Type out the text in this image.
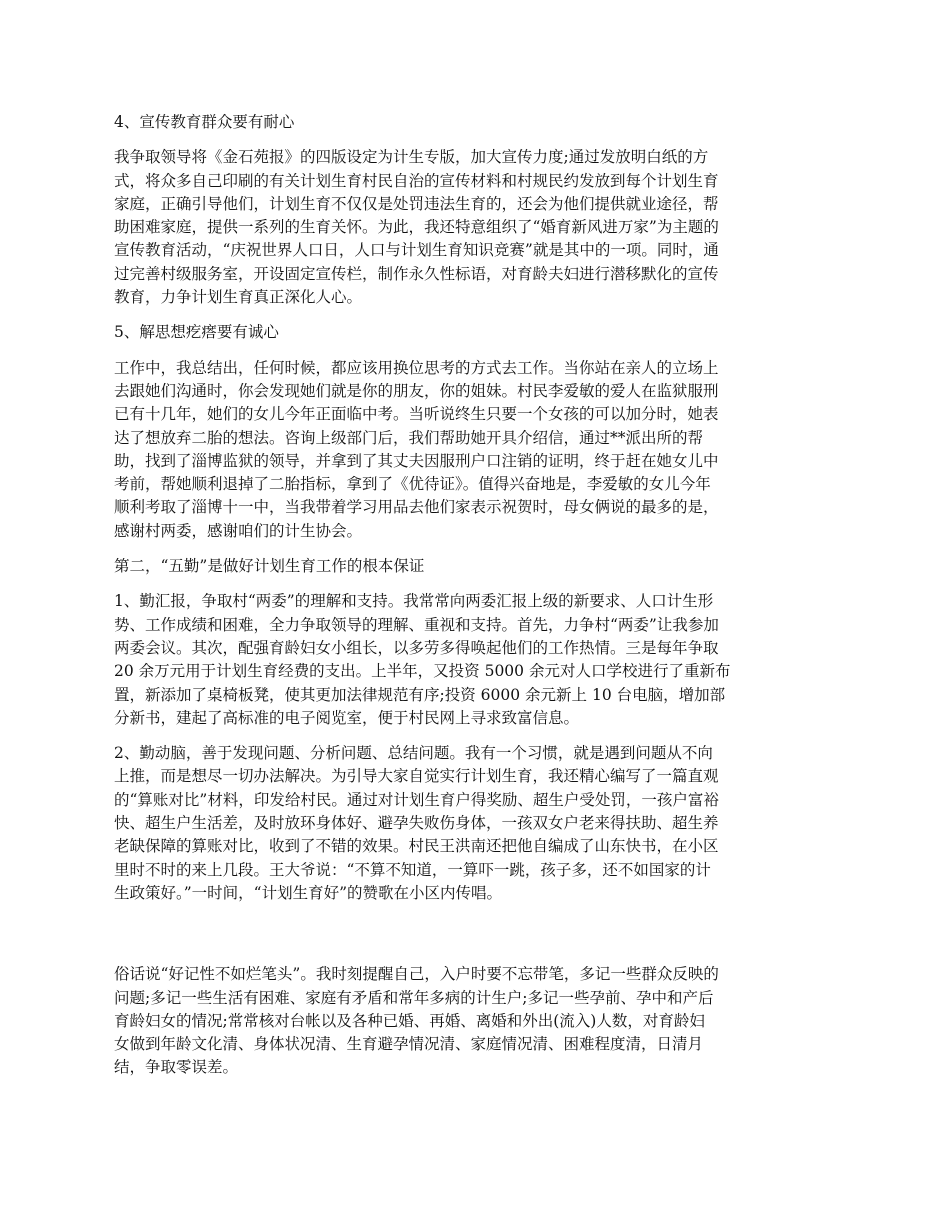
4、宣传教育群众要有耐心

我争取领导将《金石苑报》的四版设定为计生专版，加大宣传力度;通过发放明白纸的方
式，将众多自己印刷的有关计划生育村民自治的宣传材料和村规民约发放到每个计划生育
家庭，正确引导他们，计划生育不仅仅是处罚违法生育的，还会为他们提供就业途径，帮
助困难家庭，提供一系列的生育关怀。为此，我还特意组织了“婚育新风进万家”为主题的
宣传教育活动，“庆祝世界人口日，人口与计划生育知识竞赛”就是其中的一项。同时，通
过完善村级服务室，开设固定宣传栏，制作永久性标语，对育龄夫妇进行潜移默化的宣传
教育，力争计划生育真正深化人心。

5、解思想疙瘩要有诚心

工作中，我总结出，任何时候，都应该用换位思考的方式去工作。当你站在亲人的立场上
去跟她们沟通时，你会发现她们就是你的朋友，你的姐妹。村民李爱敏的爱人在监狱服刑
已有十几年，她们的女儿今年正面临中考。当听说终生只要一个女孩的可以加分时，她表
达了想放弃二胎的想法。咨询上级部门后，我们帮助她开具介绍信，通过**派出所的帮
助，找到了淄博监狱的领导，并拿到了其丈夫因服刑户口注销的证明，终于赶在她女儿中
考前，帮她顺利退掉了二胎指标，拿到了《优待证》。值得兴奋地是，李爱敏的女儿今年
顺利考取了淄博十一中，当我带着学习用品去他们家表示祝贺时，母女俩说的最多的是，
感谢村两委，感谢咱们的计生协会。

第二，“五勤”是做好计划生育工作的根本保证

1、勤汇报，争取村“两委”的理解和支持。我常常向两委汇报上级的新要求、人口计生形
势、工作成绩和困难，全力争取领导的理解、重视和支持。首先，力争村“两委”让我参加
两委会议。其次，配强育龄妇女小组长，以多劳多得唤起他们的工作热情。三是每年争取
20 余万元用于计划生育经费的支出。上半年，又投资 5000 余元对人口学校进行了重新布
置，新添加了桌椅板凳，使其更加法律规范有序;投资 6000 余元新上 10 台电脑，增加部
分新书，建起了高标准的电子阅览室，便于村民网上寻求致富信息。

2、勤动脑，善于发现问题、分析问题、总结问题。我有一个习惯，就是遇到问题从不向
上推，而是想尽一切办法解决。为引导大家自觉实行计划生育，我还精心编写了一篇直观
的“算账对比”材料，印发给村民。通过对计划生育户得奖励、超生户受处罚，一孩户富裕
快、超生户生活差，及时放环身体好、避孕失败伤身体，一孩双女户老来得扶助、超生养
老缺保障的算账对比，收到了不错的效果。村民王洪南还把他自编成了山东快书，在小区
里时不时的来上几段。王大爷说：“不算不知道，一算吓一跳，孩子多，还不如国家的计
生政策好。”一时间，“计划生育好”的赞歌在小区内传唱。

俗话说“好记性不如烂笔头”。我时刻提醒自己，入户时要不忘带笔，多记一些群众反映的
问题;多记一些生活有困难、家庭有矛盾和常年多病的计生户;多记一些孕前、孕中和产后
育龄妇女的情况;常常核对台帐以及各种已婚、再婚、离婚和外出(流入)人数，对育龄妇
女做到年龄文化清、身体状况清、生育避孕情况清、家庭情况清、困难程度清，日清月
结，争取零误差。
